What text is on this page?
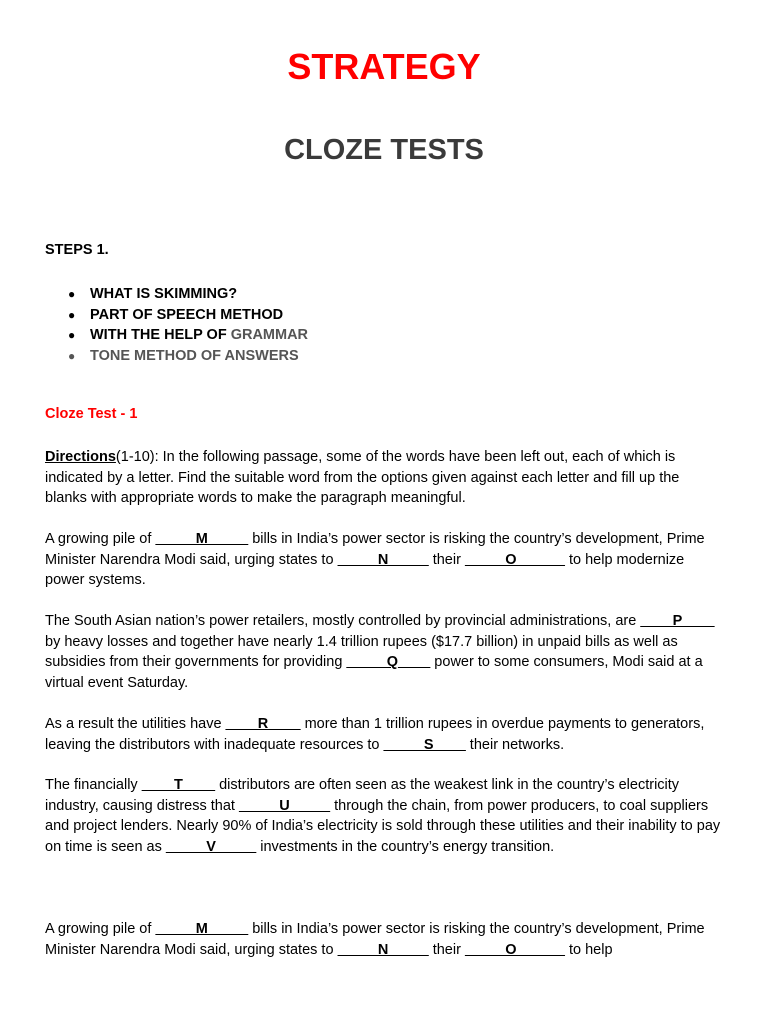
STRATEGY
CLOZE TESTS

STEPS 1.

● WHAT IS SKIMMING?
● PART OF SPEECH METHOD
● WITH THE HELP OF GRAMMAR
● TONE METHOD OF ANSWERS

Cloze Test - 1

Directions(1-10): In the following passage, some of the words have been left out, each of which is indicated by a letter. Find the suitable word from the options given against each letter and fill up the blanks with appropriate words to make the paragraph meaningful.

A growing pile of _____M_____ bills in India’s power sector is risking the country’s development, Prime Minister Narendra Modi said, urging states to _____N_____ their _____O______ to help modernize power systems.

The South Asian nation’s power retailers, mostly controlled by provincial administrations, are ____P____ by heavy losses and together have nearly 1.4 trillion rupees ($17.7 billion) in unpaid bills as well as subsidies from their governments for providing _____Q____ power to some consumers, Modi said at a virtual event Saturday.

As a result the utilities have ____R____ more than 1 trillion rupees in overdue payments to generators, leaving the distributors with inadequate resources to _____S____ their networks.

The financially ____T____ distributors are often seen as the weakest link in the country’s electricity industry, causing distress that _____U_____ through the chain, from power producers, to coal suppliers and project lenders. Nearly 90% of India’s electricity is sold through these utilities and their inability to pay on time is seen as _____V_____ investments in the country’s energy transition.

A growing pile of _____M_____ bills in India’s power sector is risking the country’s development, Prime Minister Narendra Modi said, urging states to _____N_____ their _____O______ to help
